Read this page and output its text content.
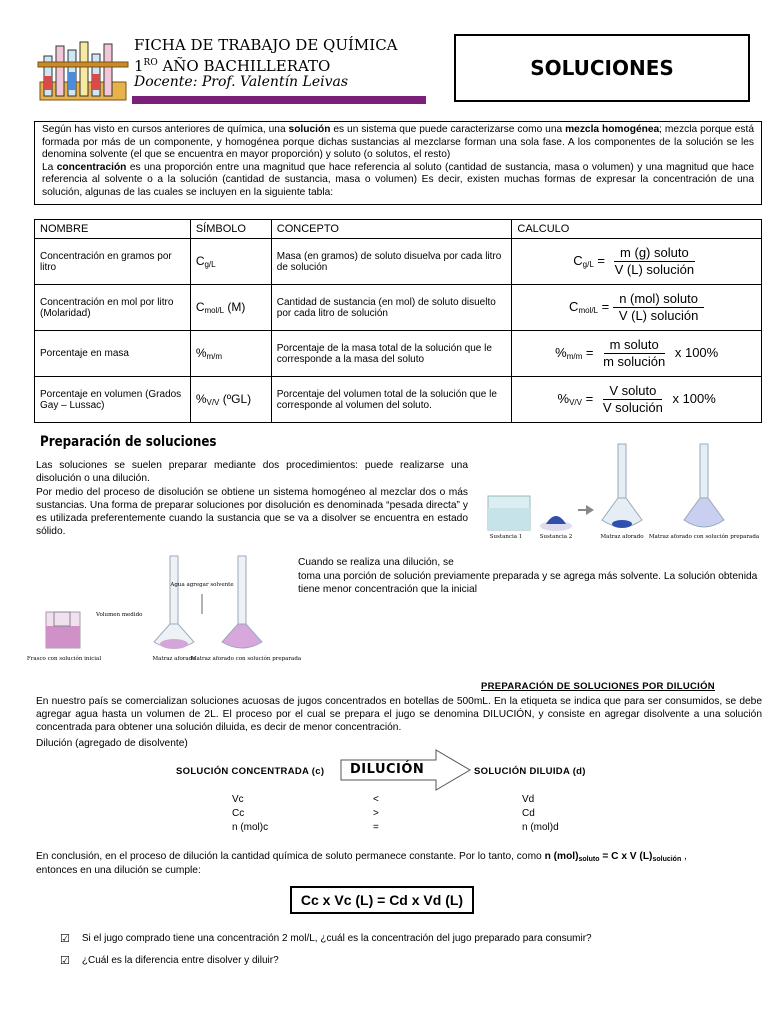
FICHA DE TRABAJO DE QUÍMICA
$1^{RO}$ AÑO BACHILLERATO
Docente: Prof. Valentín Leivas
SOLUCIONES
Según has visto en cursos anteriores de química, una solución es un sistema que puede caracterizarse como una mezcla homogénea; mezcla porque está formada por más de un componente, y homogénea porque dichas sustancias al mezclarse forman una sola fase. A los componentes de la solución se les denomina solvente (el que se encuentra en mayor proporción) y soluto (o solutos, el resto)
La concentración es una proporción entre una magnitud que hace referencia al soluto (cantidad de sustancia, masa o volumen) y una magnitud que hace referencia al solvente o a la solución (cantidad de sustancia, masa o volumen) Es decir, existen muchas formas de expresar la concentración de una solución, algunas de las cuales se incluyen en la siguiente tabla:
NOMBRE	SÍMBOLO	CONCEPTO	CALCULO
Concentración en gramos por litro	$C_{g/L}$	Masa (en gramos) de soluto disuelva por cada litro de solución	$C_{g/L} = \frac{\text{m (g) soluto}}{\text{V (L) solución}}$

Concentración en mol por litro (Molaridad)	$C_{mol/L}$ (M)	Cantidad de sustancia (en mol) de soluto disuelto por cada litro de solución	$C_{mol/L} = \frac{\text{n (mol) soluto}}{\text{V (L) solución}}$

Porcentaje en masa	$\%_{m/m}$	Porcentaje de la masa total de la solución que le corresponde a la masa del soluto	$\%_{m/m} = \frac{\text{m soluto}}{\text{m solución}}$ x 100%
Porcentaje en volumen (Grados Gay – Lussac)	$\%_{V/V}$ (ºGL)	Porcentaje del volumen total de la solución que le corresponde al volumen del soluto.	$\%_{V/V} = \frac{\text{V soluto}}{\text{V solución}}$ x 100%
Preparación de soluciones
Las soluciones se suelen preparar mediante dos procedimientos: puede realizarse una disolución o una dilución.
Por medio del proceso de disolución se obtiene un sistema homogéneo al mezclar dos o más sustancias. Una forma de preparar soluciones por disolución es denominada “pesada directa” y es utilizada preferentemente cuando la sustancia que se va a disolver se encuentra en estado sólido.	Sustancia 1	Sustancia 2	Matraz aforado Matraz aforado con solución preparada
Volumen medido
Agua agregar solvente
Frasco con solución inicial	Matraz aforado
Matraz aforado con solución preparada
Cuando se realiza una dilución, se
toma una porción de solución previamente preparada y se agrega más solvente. La solución obtenida tiene menor concentración que la inicial
PREPARACIÓN DE SOLUCIONES POR DILUCIÓN
En nuestro país se comercializan soluciones acuosas de jugos concentrados en botellas de 500mL. En la etiqueta se indica que para ser consumidos, se debe agregar agua hasta un volumen de 2L. El proceso por el cual se prepara el jugo se denomina DILUCIÓN, y consiste en agregar disolvente a una solución concentrada para obtener una solución diluida, es decir de menor concentración.
Dilución (agregado de disolvente)
SOLUCIÓN CONCENTRADA (c) DILUCIÓN	SOLUCIÓN DILUIDA (d)
Vc	<	Vd
Cc	>	Cd
n (mol)c	=	n (mol)d
En conclusión, en el proceso de dilución la cantidad química de soluto permanece constante. Por lo tanto, como n $(mol)_{soluto} = C$ x V $(L)_{solución}$ ,
entonces en una dilución se cumple:
Cc x Vc (L) = Cd x Vd (L)
☑ Si el jugo comprado tiene una concentración 2 mol/L, ¿cuál es la concentración del jugo preparado para consumir?
☑ ¿Cuál es la diferencia entre disolver y diluir?
